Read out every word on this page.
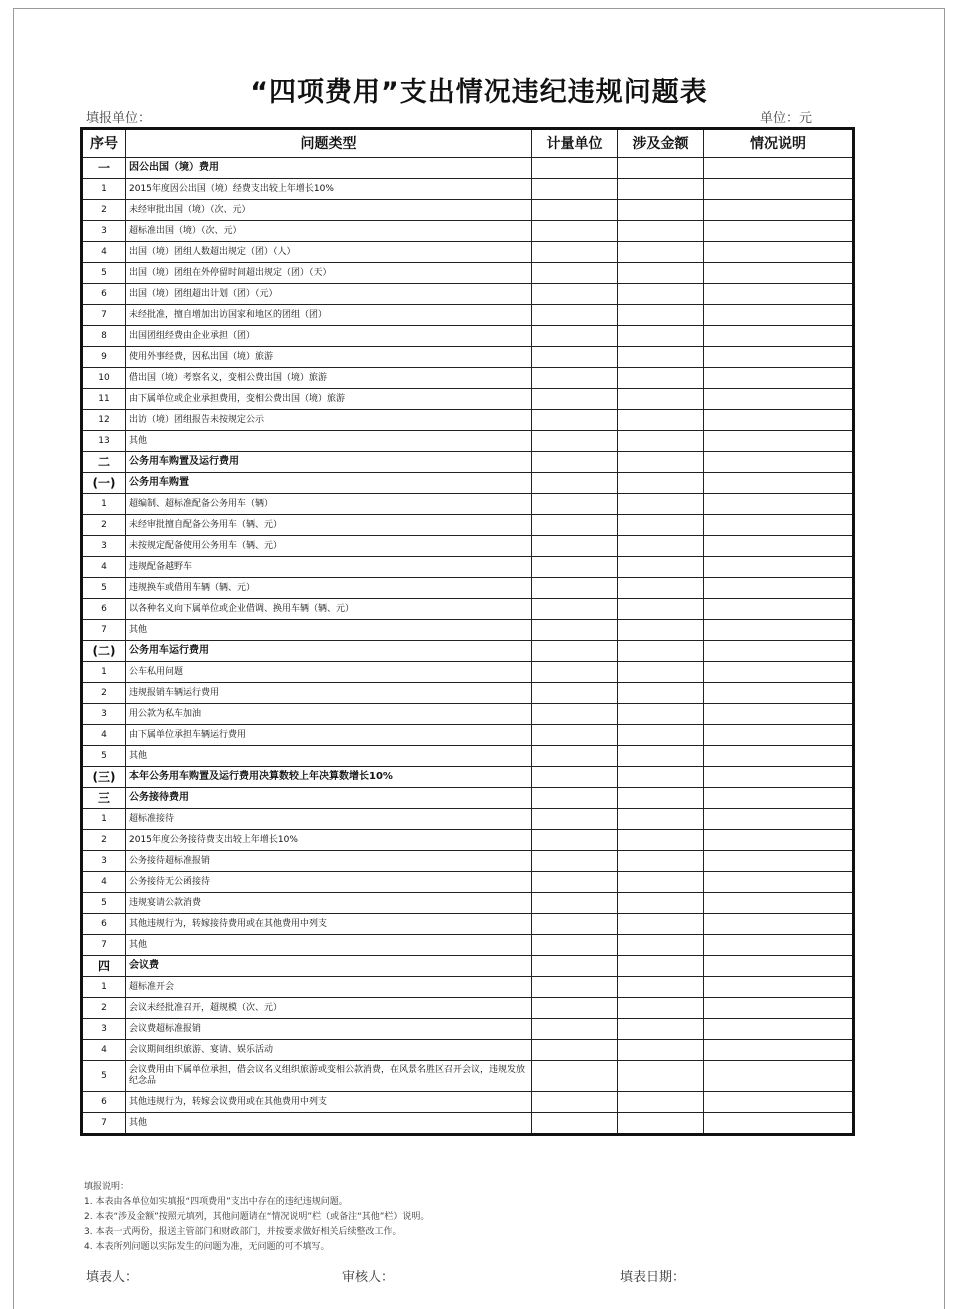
“四项费用”支出情况违纪违规问题表
填报单位：	单位：元
序号	问题类型	计量单位	涉及金额	情况说明
一	因公出国（境）费用			
1	2015年度因公出国（境）经费支出较上年增长10%			
2	未经审批出国（境）（次、元）			
3	超标准出国（境）（次、元）			
4	出国（境）团组人数超出规定（团）（人）			
5	出国（境）团组在外停留时间超出规定（团）（天）			
6	出国（境）团组超出计划（团）（元）			
7	未经批准，擅自增加出访国家和地区的团组（团）			
8	出国团组经费由企业承担（团）			
9	使用外事经费，因私出国（境）旅游			
10	借出国（境）考察名义，变相公费出国（境）旅游			
11	由下属单位或企业承担费用，变相公费出国（境）旅游			
12	出访（境）团组报告未按规定公示			
13	其他			
二	公务用车购置及运行费用			
(一)	公务用车购置			
1	超编制、超标准配备公务用车（辆）			
2	未经审批擅自配备公务用车（辆、元）			
3	未按规定配备使用公务用车（辆、元）			
4	违规配备越野车			
5	违规换车或借用车辆（辆、元）			
6	以各种名义向下属单位或企业借调、换用车辆（辆、元）			
7	其他			
(二)	公务用车运行费用			
1	公车私用问题			
2	违规报销车辆运行费用			
3	用公款为私车加油			
4	由下属单位承担车辆运行费用			
5	其他			
(三)	本年公务用车购置及运行费用决算数较上年决算数增长10%			
三	公务接待费用			
1	超标准接待			
2	2015年度公务接待费支出较上年增长10%			
3	公务接待超标准报销			
4	公务接待无公函接待			
5	违规宴请公款消费			
6	其他违规行为，转嫁接待费用或在其他费用中列支			
7	其他			
四	会议费			
1	超标准开会			
2	会议未经批准召开，超规模（次、元）			
3	会议费超标准报销			
4	会议期间组织旅游、宴请、娱乐活动			
5	会议费用由下属单位承担，借会议名义组织旅游或变相公款消费，在风景名胜区召开会议，违规发放纪念品			
6	其他违规行为，转嫁会议费用或在其他费用中列支			
7	其他			
填报说明：
1. 本表由各单位如实填报“四项费用”支出中存在的违纪违规问题。
2. 本表“涉及金额”按照元填列，其他问题请在“情况说明”栏（或备注“其他”栏）说明。
3. 本表一式两份，报送主管部门和财政部门，并按要求做好相关后续整改工作。
4. 本表所列问题以实际发生的问题为准，无问题的可不填写。
填表人：	审核人：	填表日期：
